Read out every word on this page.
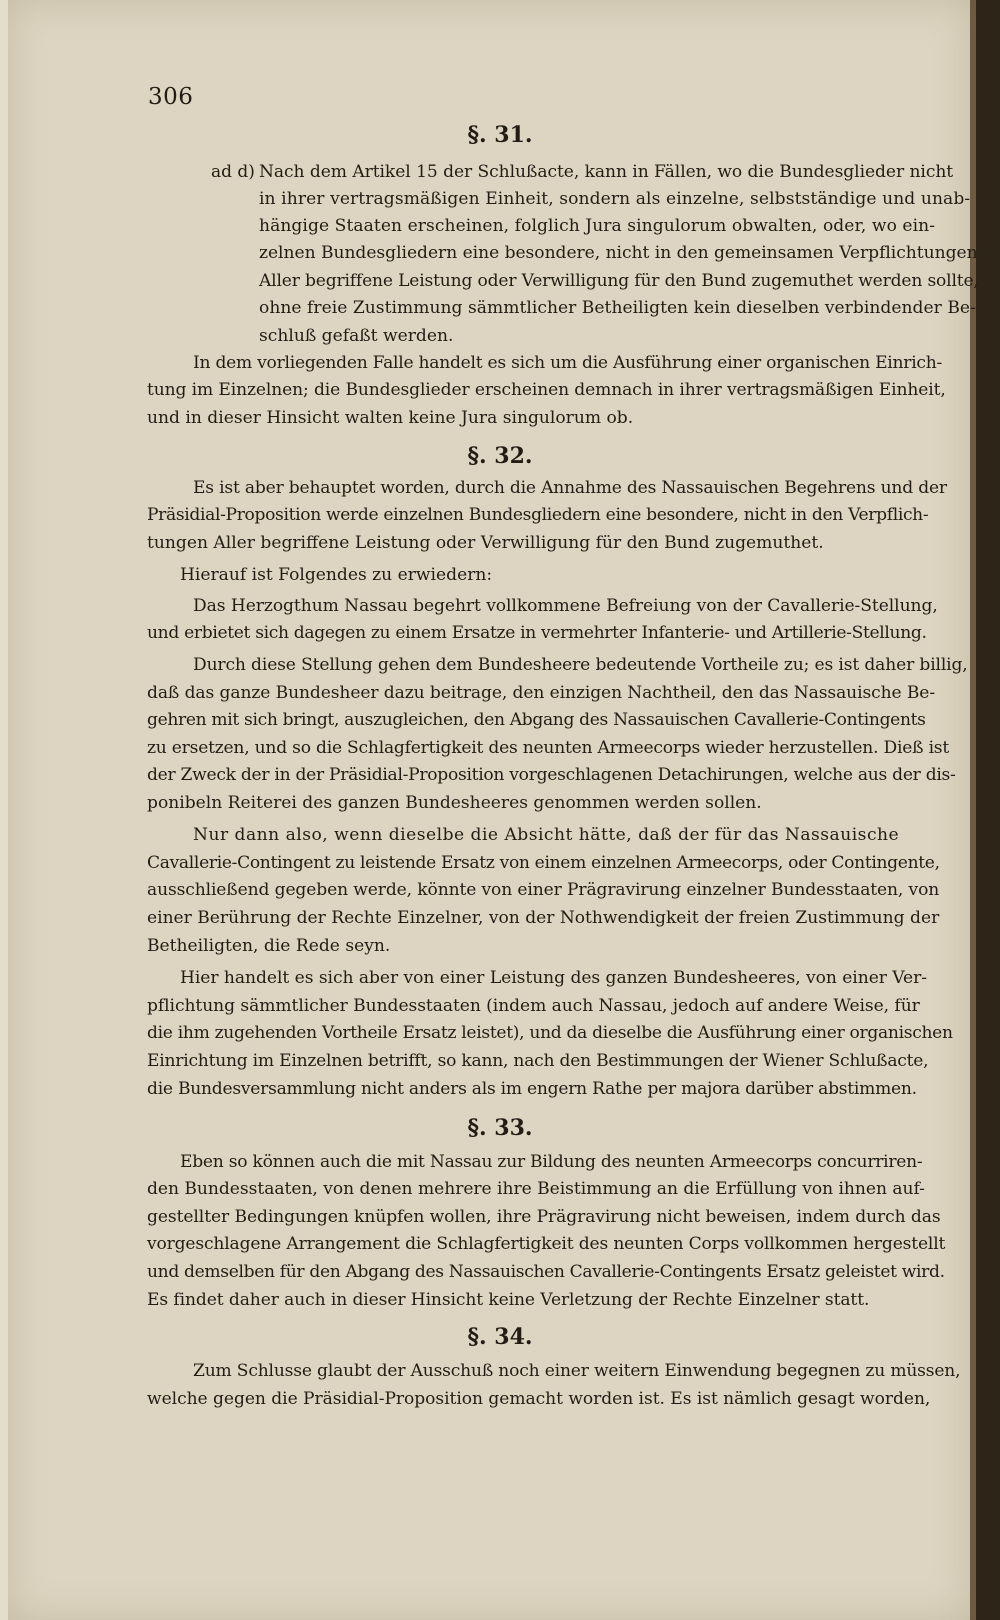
306
§. 31.
ad d) Nach dem Artikel 15 der Schlußacte, kann in Fällen, wo die Bundesglieder nicht
in ihrer vertragsmäßigen Einheit, sondern als einzelne, selbstständige und unab-
hängige Staaten erscheinen, folglich Jura singulorum obwalten, oder, wo ein-
zelnen Bundesgliedern eine besondere, nicht in den gemeinsamen Verpflichtungen
Aller begriffene Leistung oder Verwilligung für den Bund zugemuthet werden sollte,
ohne freie Zustimmung sämmtlicher Betheiligten kein dieselben verbindender Be-
schluß gefaßt werden.
In dem vorliegenden Falle handelt es sich um die Ausführung einer organischen Einrich-
tung im Einzelnen; die Bundesglieder erscheinen demnach in ihrer vertragsmäßigen Einheit,
und in dieser Hinsicht walten keine Jura singulorum ob.
§. 32.
Es ist aber behauptet worden, durch die Annahme des Nassauischen Begehrens und der
Präsidial-Proposition werde einzelnen Bundesgliedern eine besondere, nicht in den Verpflich-
tungen Aller begriffene Leistung oder Verwilligung für den Bund zugemuthet.
Hierauf ist Folgendes zu erwiedern:
Das Herzogthum Nassau begehrt vollkommene Befreiung von der Cavallerie-Stellung,
und erbietet sich dagegen zu einem Ersatze in vermehrter Infanterie- und Artillerie-Stellung.
Durch diese Stellung gehen dem Bundesheere bedeutende Vortheile zu; es ist daher billig,
daß das ganze Bundesheer dazu beitrage, den einzigen Nachtheil, den das Nassauische Be-
gehren mit sich bringt, auszugleichen, den Abgang des Nassauischen Cavallerie-Contingents
zu ersetzen, und so die Schlagfertigkeit des neunten Armeecorps wieder herzustellen. Dieß ist
der Zweck der in der Präsidial-Proposition vorgeschlagenen Detachirungen, welche aus der dis-
ponibeln Reiterei des ganzen Bundesheeres genommen werden sollen.
Nur dann also, wenn dieselbe die Absicht hätte, daß der für das Nassauische
Cavallerie-Contingent zu leistende Ersatz von einem einzelnen Armeecorps, oder Contingente,
ausschließend gegeben werde, könnte von einer Prägravirung einzelner Bundesstaaten, von
einer Berührung der Rechte Einzelner, von der Nothwendigkeit der freien Zustimmung der
Betheiligten, die Rede seyn.
Hier handelt es sich aber von einer Leistung des ganzen Bundesheeres, von einer Ver-
pflichtung sämmtlicher Bundesstaaten (indem auch Nassau, jedoch auf andere Weise, für
die ihm zugehenden Vortheile Ersatz leistet), und da dieselbe die Ausführung einer organischen
Einrichtung im Einzelnen betrifft, so kann, nach den Bestimmungen der Wiener Schlußacte,
die Bundesversammlung nicht anders als im engern Rathe per majora darüber abstimmen.
§. 33.
Eben so können auch die mit Nassau zur Bildung des neunten Armeecorps concurriren-
den Bundesstaaten, von denen mehrere ihre Beistimmung an die Erfüllung von ihnen auf-
gestellter Bedingungen knüpfen wollen, ihre Prägravirung nicht beweisen, indem durch das
vorgeschlagene Arrangement die Schlagfertigkeit des neunten Corps vollkommen hergestellt
und demselben für den Abgang des Nassauischen Cavallerie-Contingents Ersatz geleistet wird.
Es findet daher auch in dieser Hinsicht keine Verletzung der Rechte Einzelner statt.
§. 34.
Zum Schlusse glaubt der Ausschuß noch einer weitern Einwendung begegnen zu müssen,
welche gegen die Präsidial-Proposition gemacht worden ist. Es ist nämlich gesagt worden,
